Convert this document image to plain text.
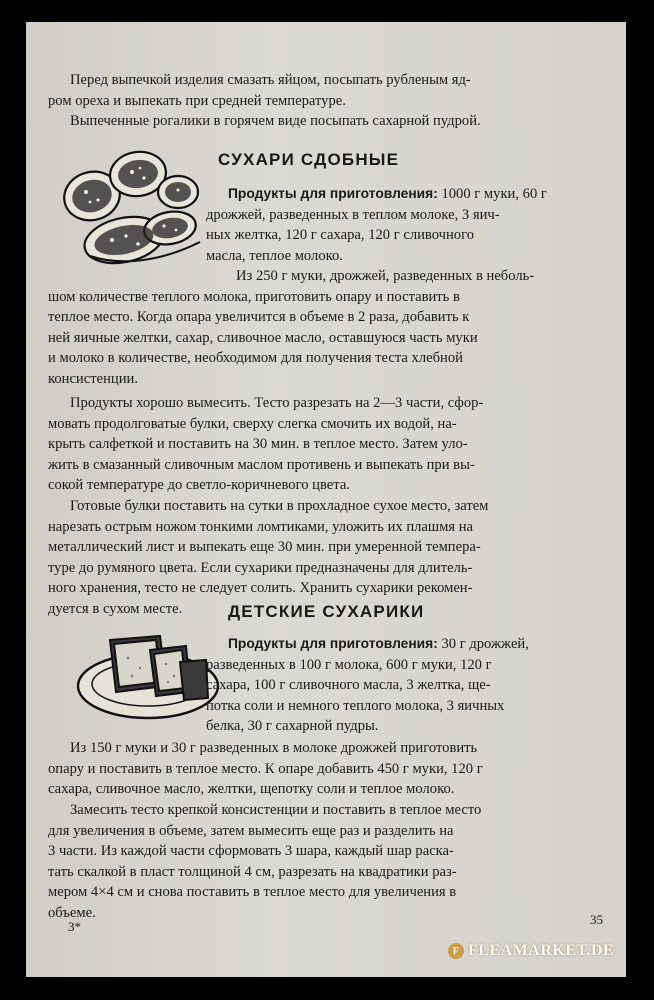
Перед выпечкой изделия смазать яйцом, посыпать рубленым яд-
ром ореха и выпекать при средней температуре.
Выпеченные рогалики в горячем виде посыпать сахарной пудрой.
СУХАРИ СДОБНЫЕ
Продукты для приготовления: 1000 г муки, 60 г
дрожжей, разведенных в теплом молоке, 3 яич-
ных желтка, 120 г сахара, 120 г сливочного
масла, теплое молоко.
Из 250 г муки, дрожжей, разведенных в неболь-
шом количестве теплого молока, приготовить опару и поставить в
теплое место. Когда опара увеличится в объеме в 2 раза, добавить к
ней яичные желтки, сахар, сливочное масло, оставшуюся часть муки
и молоко в количестве, необходимом для получения теста хлебной
консистенции.
Продукты хорошо вымесить. Тесто разрезать на 2—3 части, сфор-
мовать продолговатые булки, сверху слегка смочить их водой, на-
крыть салфеткой и поставить на 30 мин. в теплое место. Затем уло-
жить в смазанный сливочным маслом противень и выпекать при вы-
сокой температуре до светло-коричневого цвета.
Готовые булки поставить на сутки в прохладное сухое место, затем
нарезать острым ножом тонкими ломтиками, уложить их плашмя на
металлический лист и выпекать еще 30 мин. при умеренной темпера-
туре до румяного цвета. Если сухарики предназначены для длитель-
ного хранения, тесто не следует солить. Хранить сухарики рекомен-
дуется в сухом месте.	ДЕТСКИЕ СУХАРИКИ
Продукты для приготовления: 30 г дрожжей,
разведенных в 100 г молока, 600 г муки, 120 г
сахара, 100 г сливочного масла, 3 желтка, ще-
потка соли и немного теплого молока, 3 яичных
белка, 30 г сахарной пудры.
Из 150 г муки и 30 г разведенных в молоке дрожжей приготовить
опару и поставить в теплое место. К опаре добавить 450 г муки, 120 г
сахара, сливочное масло, желтки, щепотку соли и теплое молоко.
Замесить тесто крепкой консистенции и поставить в теплое место
для увеличения в объеме, затем вымесить еще раз и разделить на
3 части. Из каждой части сформовать 3 шара, каждый шар раска-
тать скалкой в пласт толщиной 4 см, разрезать на квадратики раз-
мером 4×4 см и снова поставить в теплое место для увеличения в
объеме.
3*	35
F FLEAMARKET.DE
